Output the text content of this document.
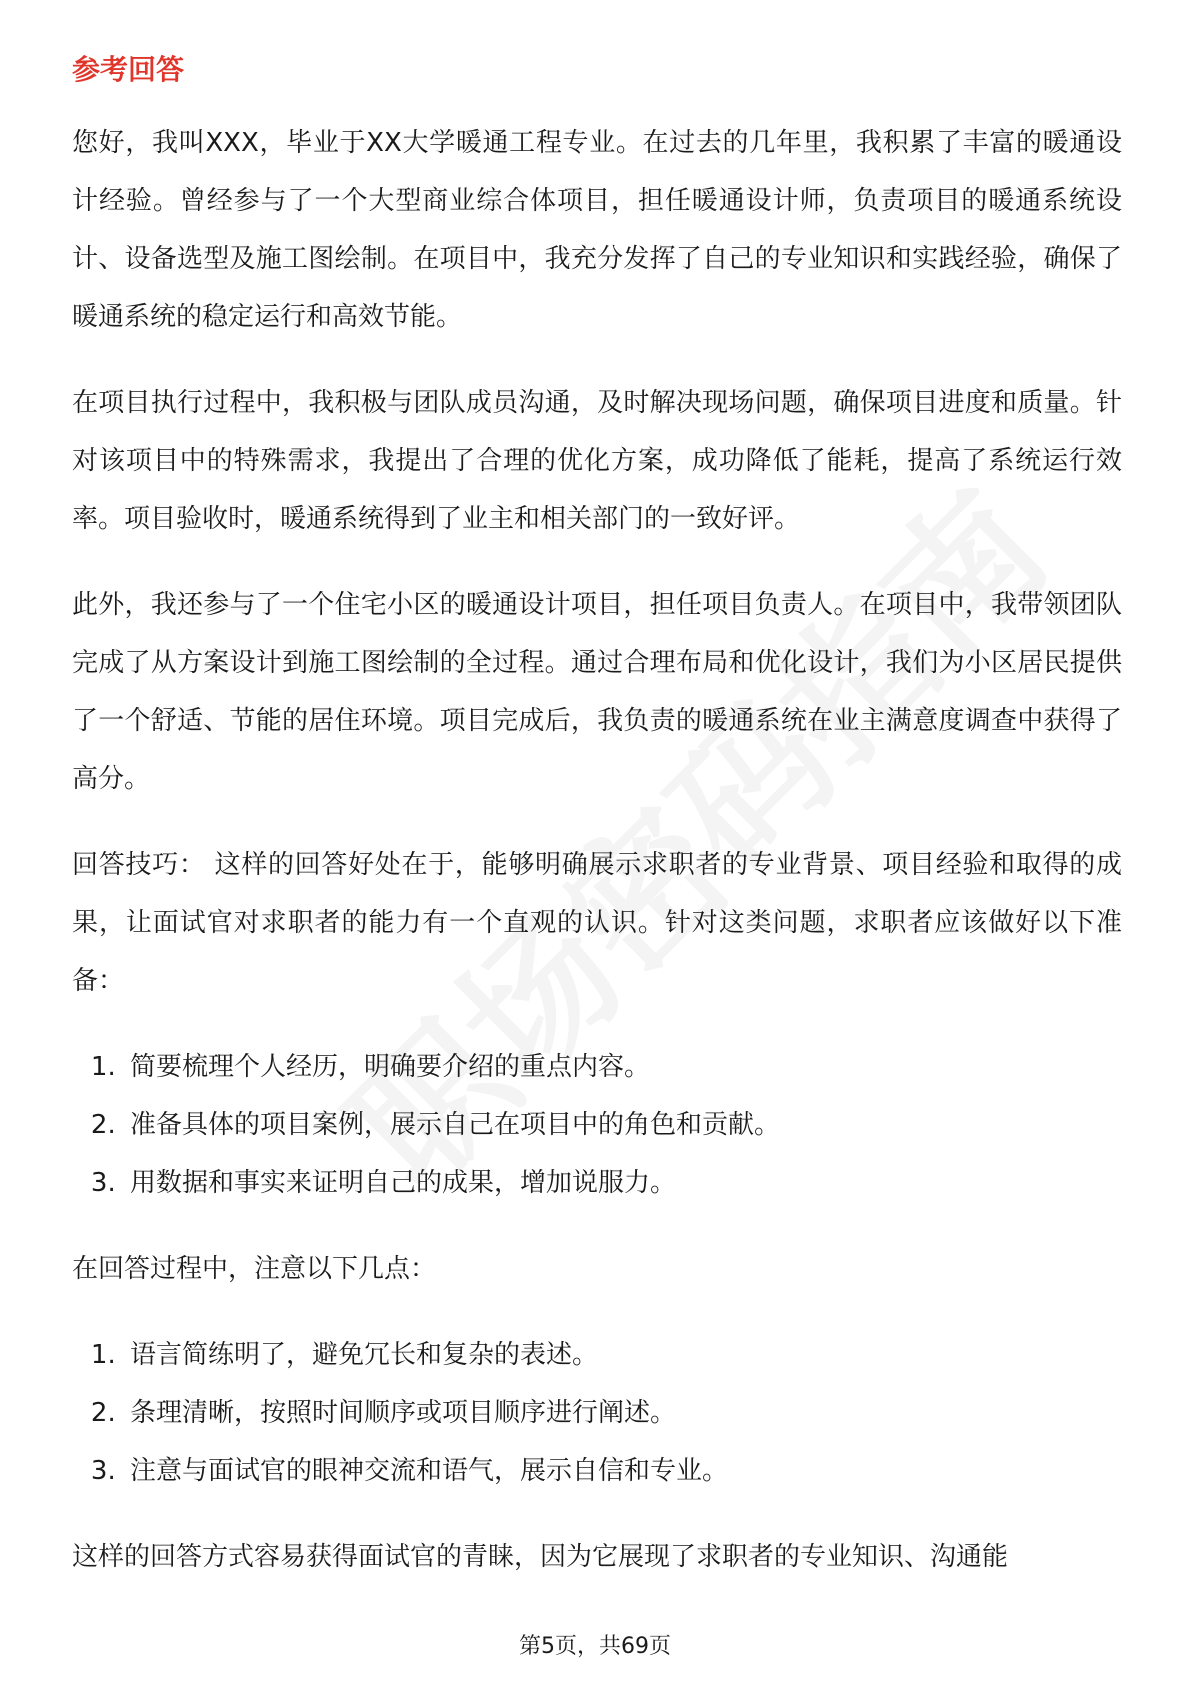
参考回答

您好，我叫XXX，毕业于XX大学暖通工程专业。在过去的几年里，我积累了丰富的暖通设计经验。曾经参与了一个大型商业综合体项目，担任暖通设计师，负责项目的暖通系统设计、设备选型及施工图绘制。在项目中，我充分发挥了自己的专业知识和实践经验，确保了暖通系统的稳定运行和高效节能。

在项目执行过程中，我积极与团队成员沟通，及时解决现场问题，确保项目进度和质量。针对该项目中的特殊需求，我提出了合理的优化方案，成功降低了能耗，提高了系统运行效率。项目验收时，暖通系统得到了业主和相关部门的一致好评。

此外，我还参与了一个住宅小区的暖通设计项目，担任项目负责人。在项目中，我带领团队完成了从方案设计到施工图绘制的全过程。通过合理布局和优化设计，我们为小区居民提供了一个舒适、节能的居住环境。项目完成后，我负责的暖通系统在业主满意度调查中获得了高分。

回答技巧： 这样的回答好处在于，能够明确展示求职者的专业背景、项目经验和取得的成果，让面试官对求职者的能力有一个直观的认识。针对这类问题，求职者应该做好以下准备：

1. 简要梳理个人经历，明确要介绍的重点内容。
2. 准备具体的项目案例，展示自己在项目中的角色和贡献。
3. 用数据和事实来证明自己的成果，增加说服力。

在回答过程中，注意以下几点：

1. 语言简练明了，避免冗长和复杂的表述。
2. 条理清晰，按照时间顺序或项目顺序进行阐述。
3. 注意与面试官的眼神交流和语气，展示自信和专业。

这样的回答方式容易获得面试官的青睐，因为它展现了求职者的专业知识、沟通能

第5页，共69页
